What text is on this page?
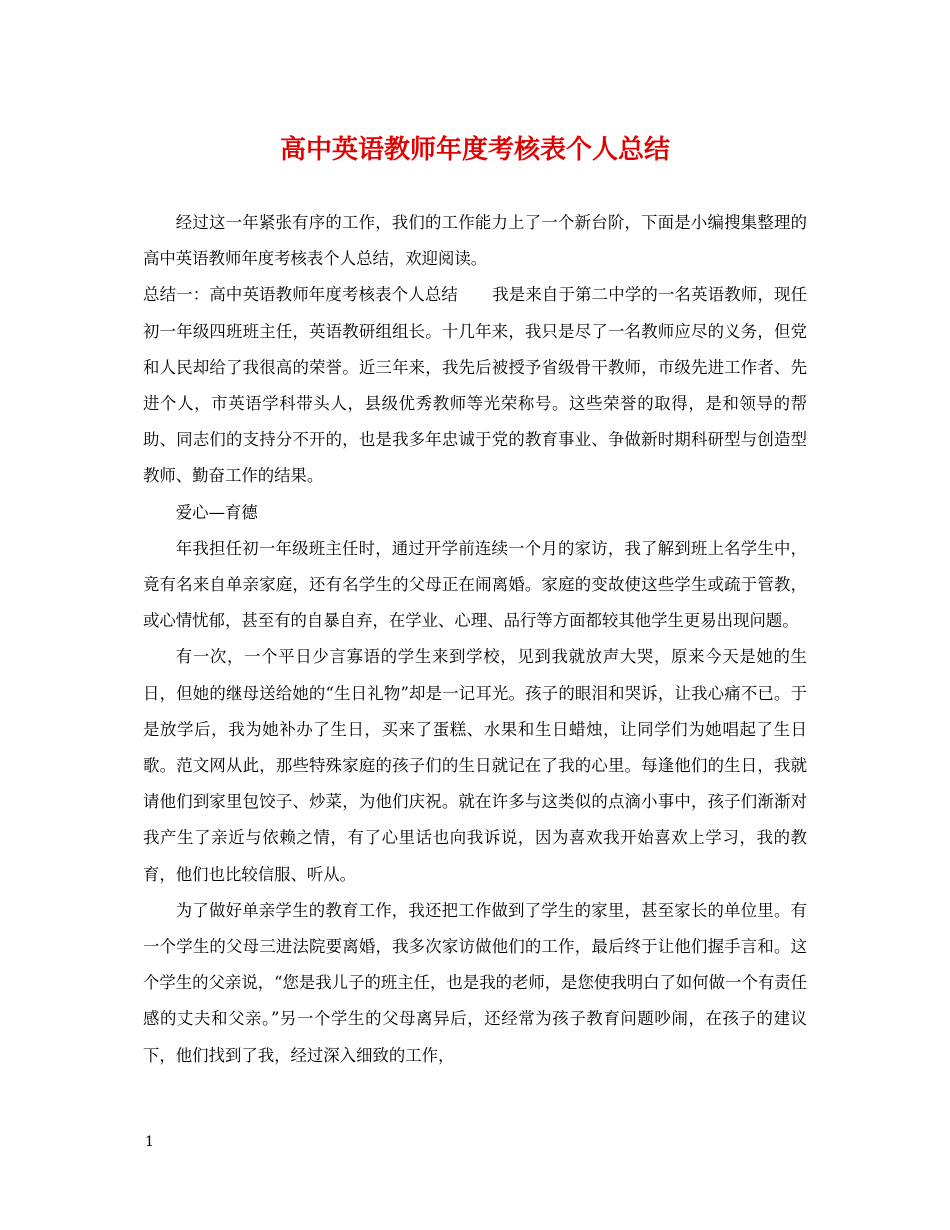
高中英语教师年度考核表个人总结

经过这一年紧张有序的工作，我们的工作能力上了一个新台阶，下面是小编搜集整理的高中英语教师年度考核表个人总结，欢迎阅读。

总结一：高中英语教师年度考核表个人总结 我是来自于第二中学的一名英语教师，现任初一年级四班班主任，英语教研组组长。十几年来，我只是尽了一名教师应尽的义务，但党和人民却给了我很高的荣誉。近三年来，我先后被授予省级骨干教师，市级先进工作者、先进个人，市英语学科带头人，县级优秀教师等光荣称号。这些荣誉的取得，是和领导的帮助、同志们的支持分不开的，也是我多年忠诚于党的教育事业、争做新时期科研型与创造型教师、勤奋工作的结果。

爱心—育德

年我担任初一年级班主任时，通过开学前连续一个月的家访，我了解到班上名学生中，竟有名来自单亲家庭，还有名学生的父母正在闹离婚。家庭的变故使这些学生或疏于管教，或心情忧郁，甚至有的自暴自弃，在学业、心理、品行等方面都较其他学生更易出现问题。

有一次，一个平日少言寡语的学生来到学校，见到我就放声大哭，原来今天是她的生日，但她的继母送给她的“生日礼物”却是一记耳光。孩子的眼泪和哭诉，让我心痛不已。于是放学后，我为她补办了生日，买来了蛋糕、水果和生日蜡烛，让同学们为她唱起了生日歌。范文网从此，那些特殊家庭的孩子们的生日就记在了我的心里。每逢他们的生日，我就请他们到家里包饺子、炒菜，为他们庆祝。就在许多与这类似的点滴小事中，孩子们渐渐对我产生了亲近与依赖之情，有了心里话也向我诉说，因为喜欢我开始喜欢上学习，我的教育，他们也比较信服、听从。

为了做好单亲学生的教育工作，我还把工作做到了学生的家里，甚至家长的单位里。有一个学生的父母三进法院要离婚，我多次家访做他们的工作，最后终于让他们握手言和。这个学生的父亲说，“您是我儿子的班主任，也是我的老师，是您使我明白了如何做一个有责任感的丈夫和父亲。”另一个学生的父母离异后，还经常为孩子教育问题吵闹，在孩子的建议下，他们找到了我，经过深入细致的工作，

1
